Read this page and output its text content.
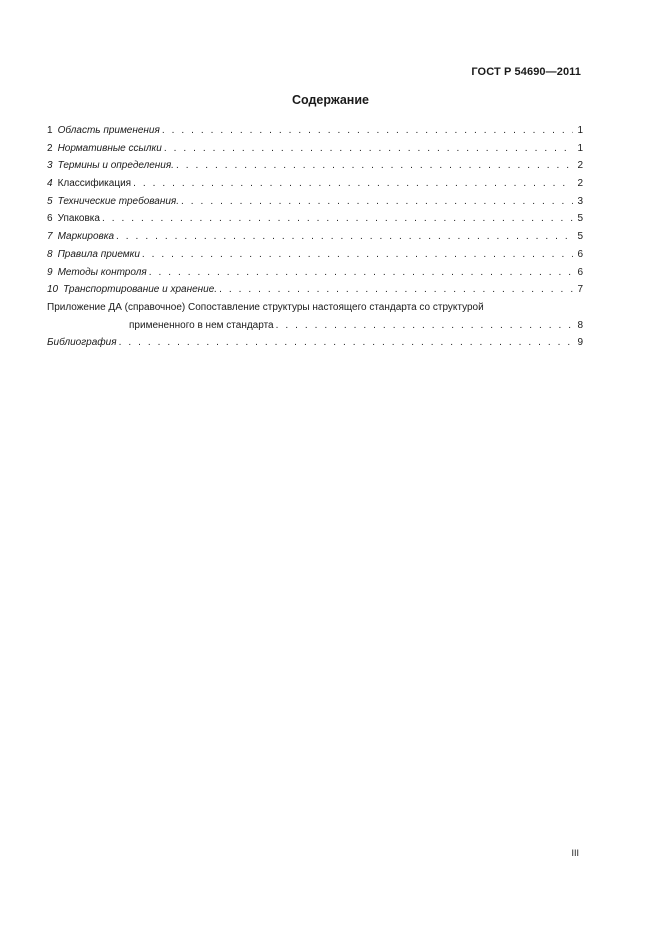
ГОСТ Р 54690—2011
Содержание
1 Область применения . . .	1
2 Нормативные ссылки . . .	1
3 Термины и определения. . . .	2
4 Классификация . . .	2
5 Технические требования. . . .	3
6 Упаковка . . .	5
7 Маркировка . . .	5
8 Правила приемки . . .	6
9 Методы контроля . . .	6
10 Транспортирование и хранение. . . .	7
Приложение ДА (справочное) Сопоставление структуры настоящего стандарта со структурой
примененного в нем стандарта . . .	8
Библиография . . .	9
III
